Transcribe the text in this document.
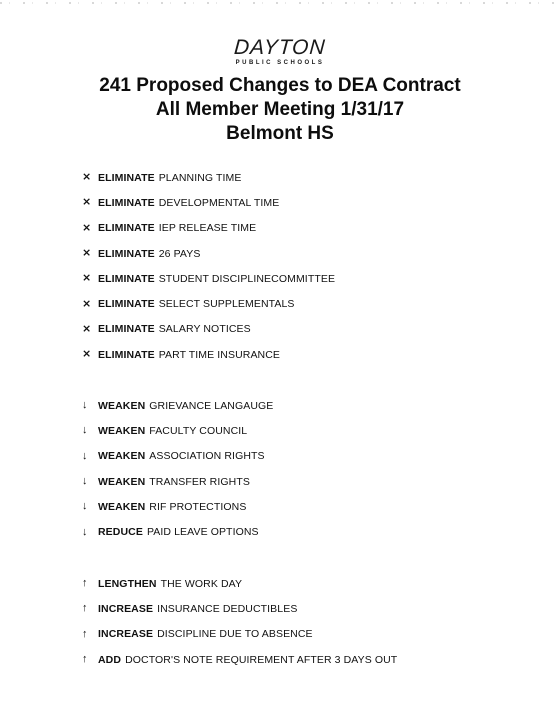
DAYTON
PUBLIC SCHOOLS
241 Proposed Changes to DEA Contract
All Member Meeting 1/31/17
Belmont HS
⨯ ELIMINATE PLANNING TIME
⨯ ELIMINATE DEVELOPMENTAL TIME
⨯ ELIMINATE IEP RELEASE TIME
⨯ ELIMINATE 26 PAYS
⨯ ELIMINATE STUDENT DISCIPLINECOMMITTEE
⨯ ELIMINATE SELECT SUPPLEMENTALS
⨯ ELIMINATE SALARY NOTICES
⨯ ELIMINATE PART TIME INSURANCE
↓ WEAKEN GRIEVANCE LANGAUGE
↓ WEAKEN FACULTY COUNCIL
↓ WEAKEN ASSOCIATION RIGHTS
↓ WEAKEN TRANSFER RIGHTS
↓ WEAKEN RIF PROTECTIONS
↓ REDUCE PAID LEAVE OPTIONS
↑ LENGTHEN THE WORK DAY
↑ INCREASE INSURANCE DEDUCTIBLES
↑ INCREASE DISCIPLINE DUE TO ABSENCE
↑ ADD DOCTOR'S NOTE REQUIREMENT AFTER 3 DAYS OUT
